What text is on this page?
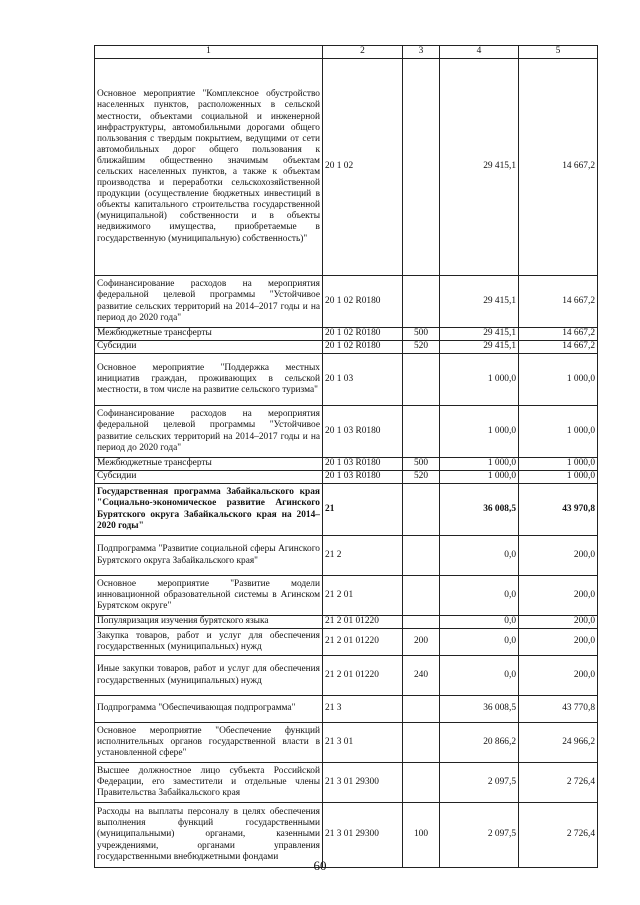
1	2	3	4	5
Основное мероприятие "Комплексное обустройство населенных пунктов, расположенных в сельской местности, объектами социальной и инженерной инфраструктуры, автомобильными дорогами общего пользования с твердым покрытием, ведущими от сети автомобильных дорог общего пользования к ближайшим общественно значимым объектам сельских населенных пунктов, а также к объектам производства и переработки сельскохозяйственной продукции (осуществление бюджетных инвестиций в объекты капитального строительства государственной (муниципальной) собственности и в объекты недвижимого имущества, приобретаемые в государственную (муниципальную) собственность)"	20 1 02		29 415,1	14 667,2
Софинансирование расходов на мероприятия федеральной целевой программы "Устойчивое развитие сельских территорий на 2014–2017 годы и на период до 2020 года"	20 1 02 R0180		29 415,1	14 667,2
Межбюджетные трансферты	20 1 02 R0180	500	29 415,1	14 667,2
Субсидии	20 1 02 R0180	520	29 415,1	14 667,2
Основное мероприятие "Поддержка местных инициатив граждан, проживающих в сельской местности, в том числе на развитие сельского туризма"	20 1 03		1 000,0	1 000,0
Софинансирование расходов на мероприятия федеральной целевой программы "Устойчивое развитие сельских территорий на 2014–2017 годы и на период до 2020 года"	20 1 03 R0180		1 000,0	1 000,0
Межбюджетные трансферты	20 1 03 R0180	500	1 000,0	1 000,0
Субсидии	20 1 03 R0180	520	1 000,0	1 000,0
Государственная программа Забайкальского края "Социально-экономическое развитие Агинского Бурятского округа Забайкальского края на 2014–2020 годы"	21		36 008,5	43 970,8
Подпрограмма "Развитие социальной сферы Агинского Бурятского округа Забайкальского края"	21 2		0,0	200,0
Основное мероприятие "Развитие модели инновационной образовательной системы в Агинском Бурятском округе"	21 2 01		0,0	200,0
Популяризация изучения бурятского языка	21 2 01 01220		0,0	200,0
Закупка товаров, работ и услуг для обеспечения государственных (муниципальных) нужд	21 2 01 01220	200	0,0	200,0
Иные закупки товаров, работ и услуг для обеспечения государственных (муниципальных) нужд	21 2 01 01220	240	0,0	200,0
Подпрограмма "Обеспечивающая подпрограмма"	21 3		36 008,5	43 770,8
Основное мероприятие "Обеспечение функций исполнительных органов государственной власти в установленной сфере"	21 3 01		20 866,2	24 966,2
Высшее должностное лицо субъекта Российской Федерации, его заместители и отдельные члены Правительства Забайкальского края	21 3 01 29300		2 097,5	2 726,4
Расходы на выплаты персоналу в целях обеспечения выполнения функций государственными (муниципальными) органами, казенными учреждениями, органами управления государственными внебюджетными фондами	21 3 01 29300	100	2 097,5	2 726,4
60
